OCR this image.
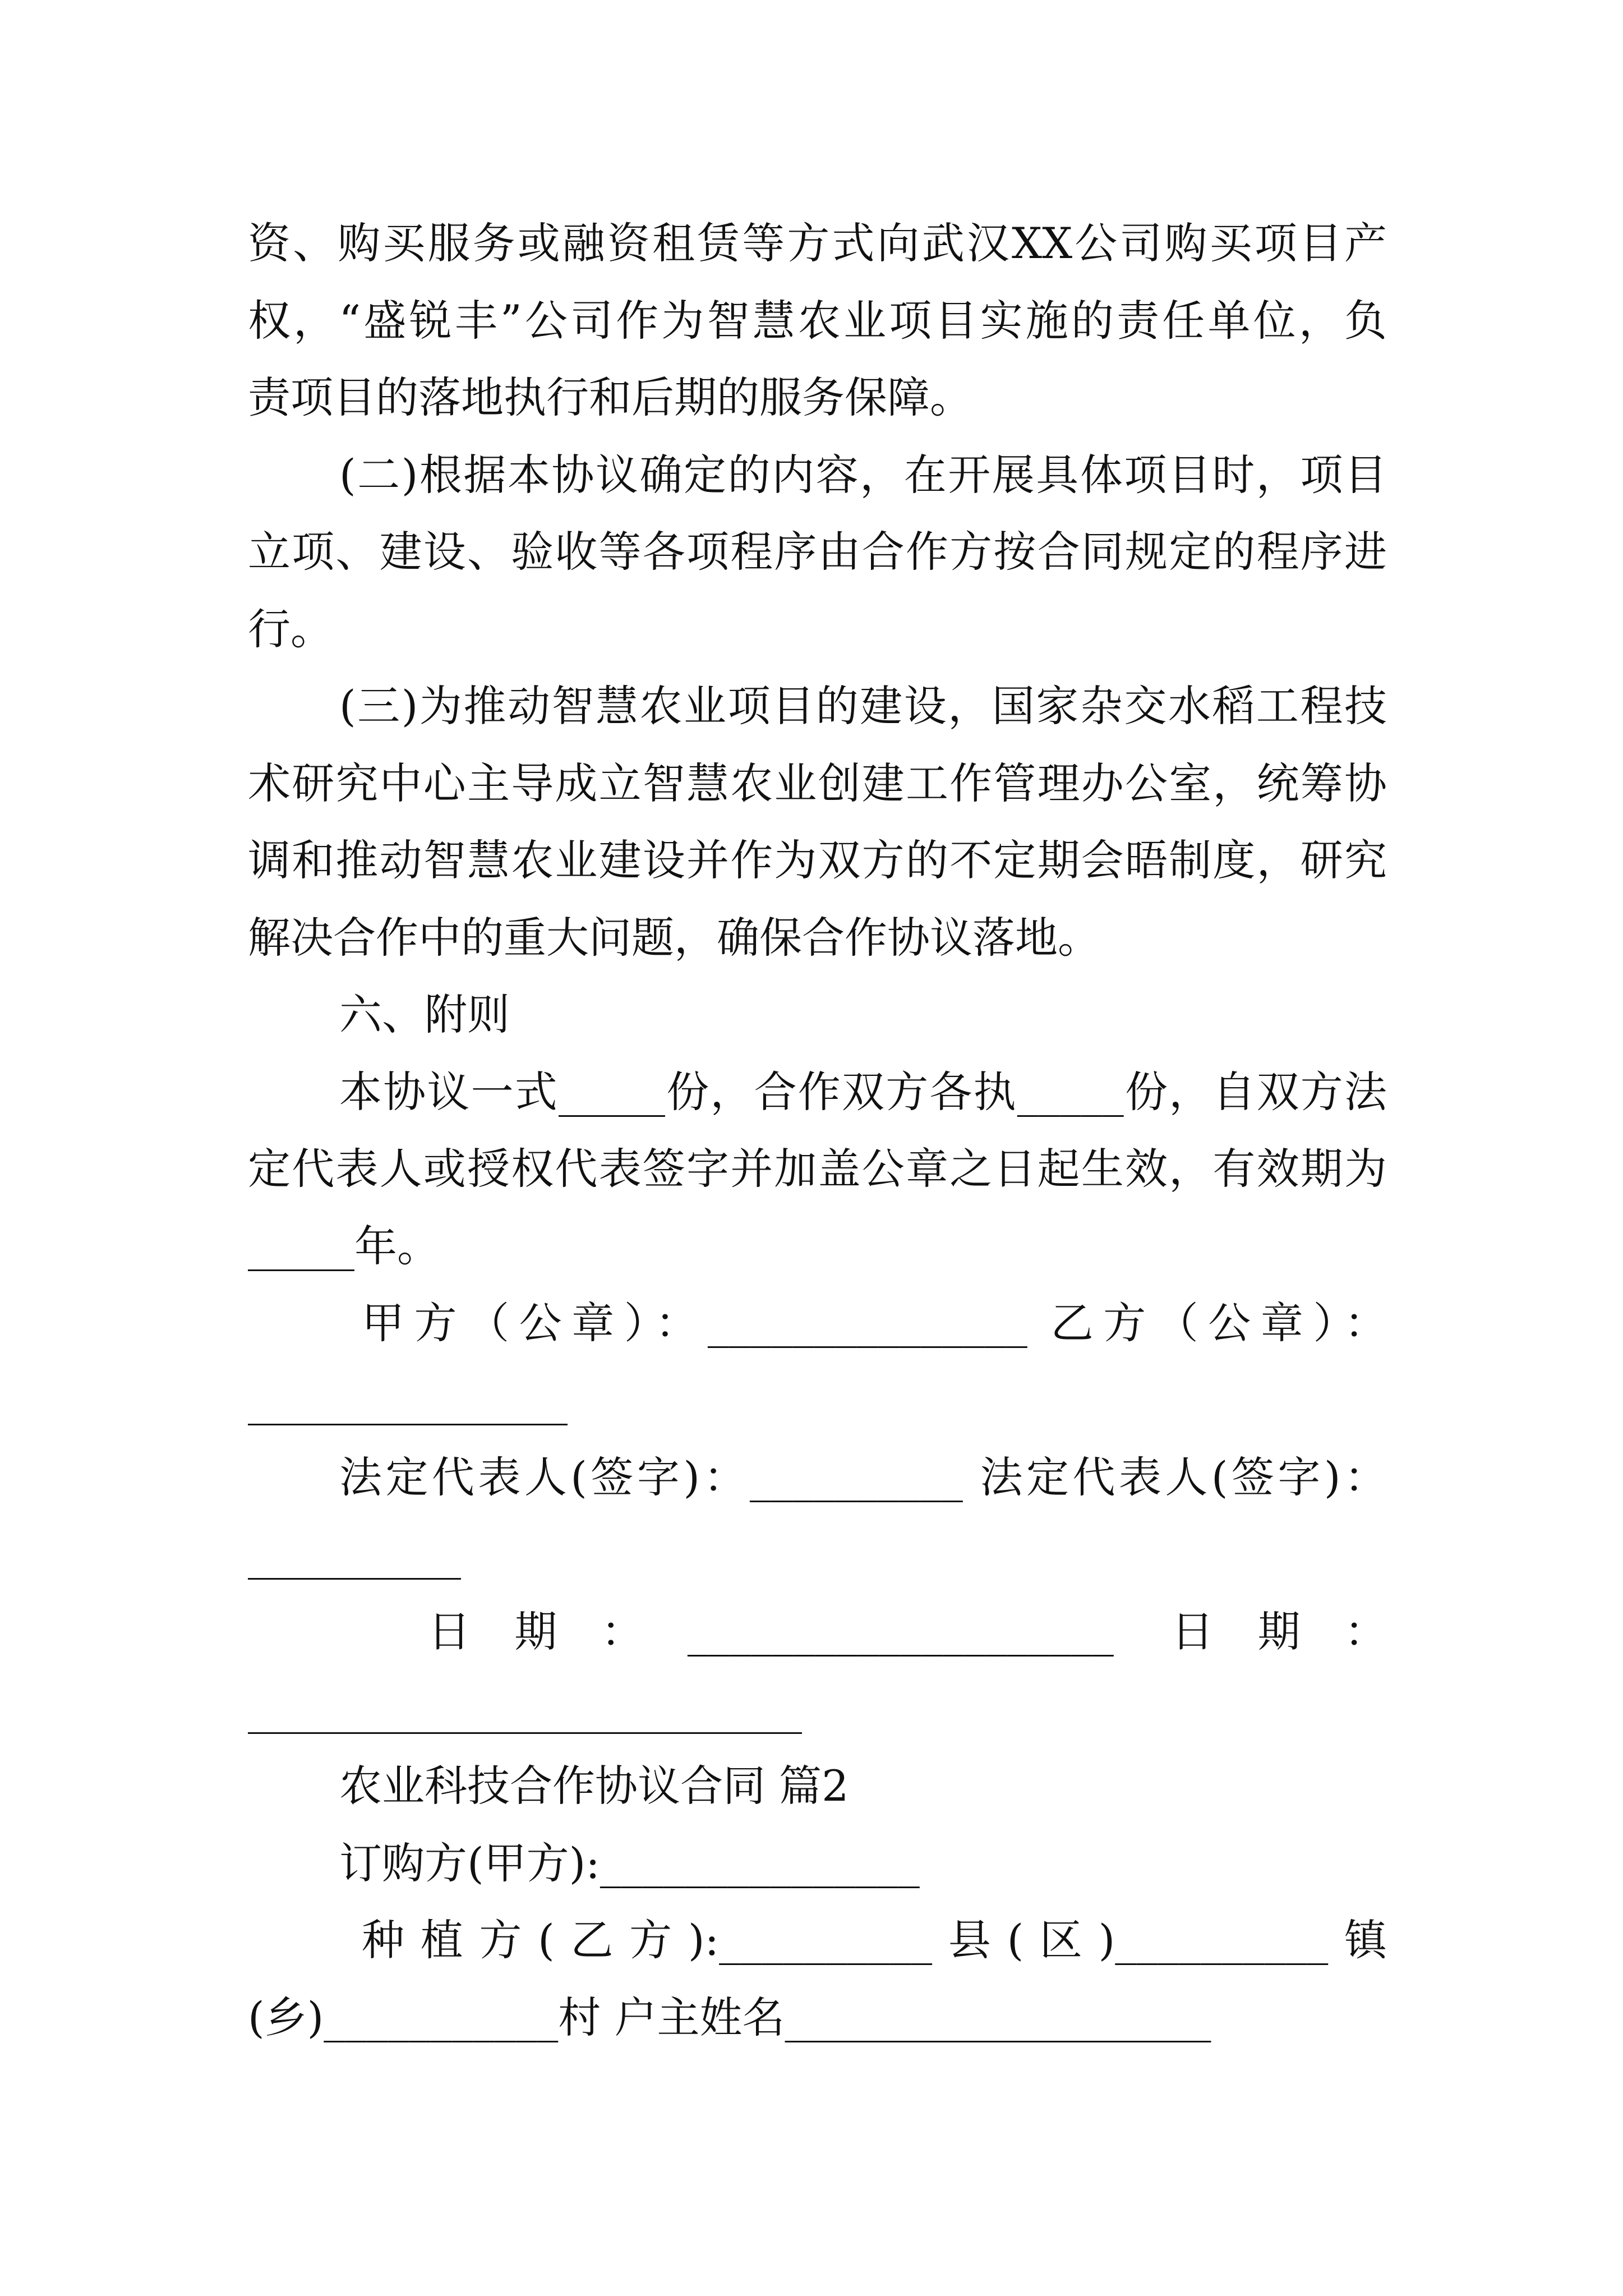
资、购买服务或融资租赁等方式向武汉XX公司购买项目产
权，“盛锐丰”公司作为智慧农业项目实施的责任单位，负
责项目的落地执行和后期的服务保障。
(二)根据本协议确定的内容，在开展具体项目时，项目
立项、建设、验收等各项程序由合作方按合同规定的程序进
行。
(三)为推动智慧农业项目的建设，国家杂交水稻工程技
术研究中心主导成立智慧农业创建工作管理办公室，统筹协
调和推动智慧农业建设并作为双方的不定期会晤制度，研究
解决合作中的重大问题，确保合作协议落地。
六、附则
本协议一式_____份，合作双方各执_____份，自双方法
定代表人或授权代表签字并加盖公章之日起生效，有效期为
_____年。
甲方（公章）：_______________ 乙方（公章）：
_______________
法定代表人(签字)：__________ 法定代表人(签字)：
__________
日期：____________________ 日期：
__________________________
农业科技合作协议合同 篇2
订购方(甲方):_______________
种植方(乙方):__________县(区)__________镇
(乡)___________村 户主姓名____________________
